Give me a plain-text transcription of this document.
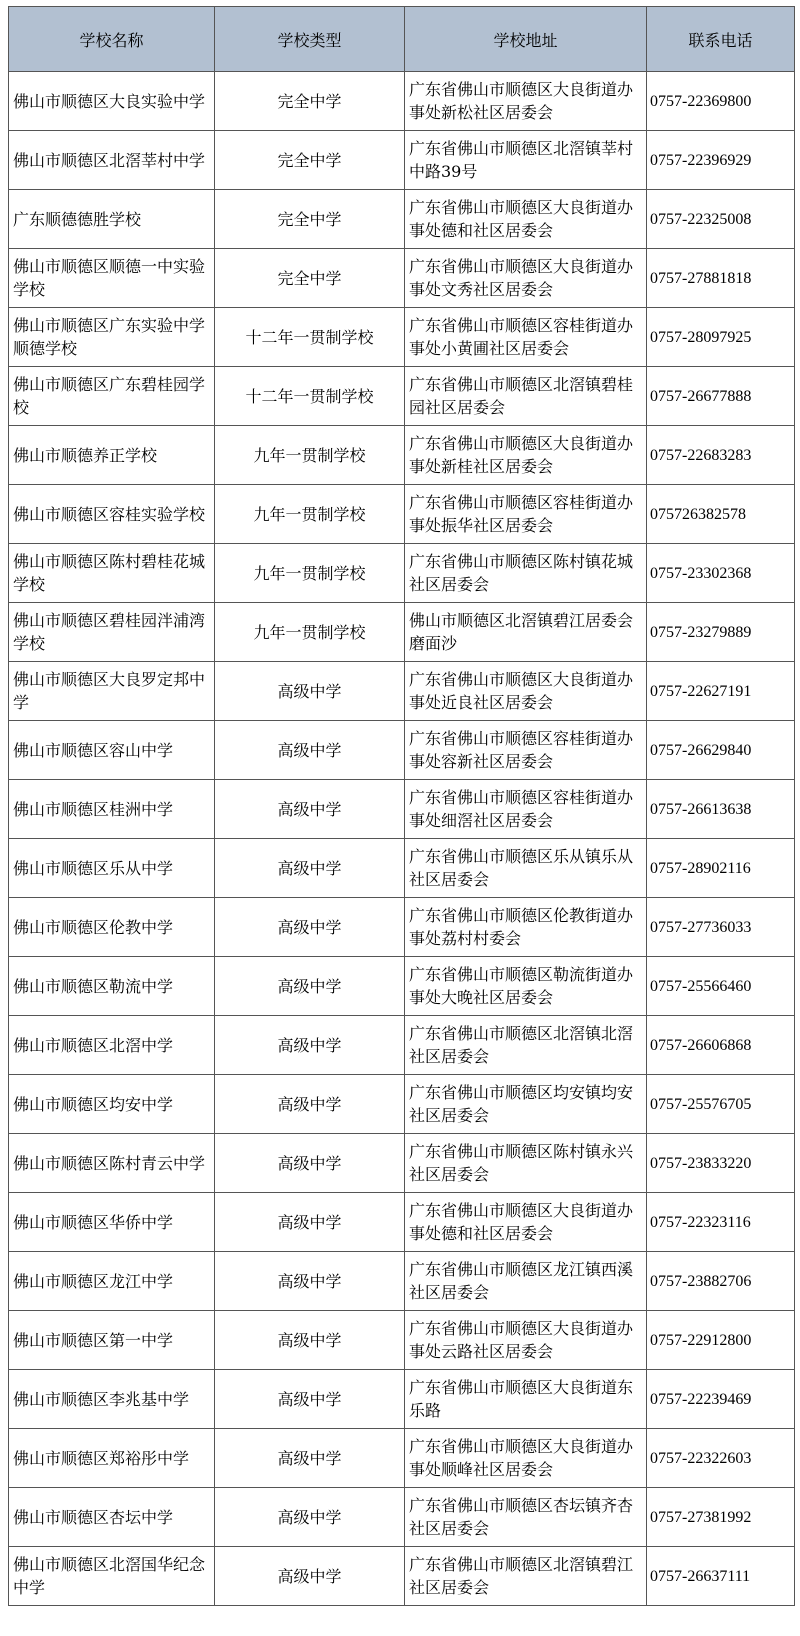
学校名称	学校类型	学校地址	联系电话
佛山市顺德区大良实验中学	完全中学	广东省佛山市顺德区大良街道办事处新松社区居委会	0757-22369800
佛山市顺德区北滘莘村中学	完全中学	广东省佛山市顺德区北滘镇莘村中路39号	0757-22396929
广东顺德德胜学校	完全中学	广东省佛山市顺德区大良街道办事处德和社区居委会	0757-22325008
佛山市顺德区顺德一中实验学校	完全中学	广东省佛山市顺德区大良街道办事处文秀社区居委会	0757-27881818
佛山市顺德区广东实验中学顺德学校	十二年一贯制学校	广东省佛山市顺德区容桂街道办事处小黄圃社区居委会	0757-28097925
佛山市顺德区广东碧桂园学校	十二年一贯制学校	广东省佛山市顺德区北滘镇碧桂园社区居委会	0757-26677888
佛山市顺德养正学校	九年一贯制学校	广东省佛山市顺德区大良街道办事处新桂社区居委会	0757-22683283
佛山市顺德区容桂实验学校	九年一贯制学校	广东省佛山市顺德区容桂街道办事处振华社区居委会	075726382578
佛山市顺德区陈村碧桂花城学校	九年一贯制学校	广东省佛山市顺德区陈村镇花城社区居委会	0757-23302368
佛山市顺德区碧桂园泮浦湾学校	九年一贯制学校	佛山市顺德区北滘镇碧江居委会磨面沙	0757-23279889
佛山市顺德区大良罗定邦中学	高级中学	广东省佛山市顺德区大良街道办事处近良社区居委会	0757-22627191
佛山市顺德区容山中学	高级中学	广东省佛山市顺德区容桂街道办事处容新社区居委会	0757-26629840
佛山市顺德区桂洲中学	高级中学	广东省佛山市顺德区容桂街道办事处细滘社区居委会	0757-26613638
佛山市顺德区乐从中学	高级中学	广东省佛山市顺德区乐从镇乐从社区居委会	0757-28902116
佛山市顺德区伦教中学	高级中学	广东省佛山市顺德区伦教街道办事处荔村村委会	0757-27736033
佛山市顺德区勒流中学	高级中学	广东省佛山市顺德区勒流街道办事处大晚社区居委会	0757-25566460
佛山市顺德区北滘中学	高级中学	广东省佛山市顺德区北滘镇北滘社区居委会	0757-26606868
佛山市顺德区均安中学	高级中学	广东省佛山市顺德区均安镇均安社区居委会	0757-25576705
佛山市顺德区陈村青云中学	高级中学	广东省佛山市顺德区陈村镇永兴社区居委会	0757-23833220
佛山市顺德区华侨中学	高级中学	广东省佛山市顺德区大良街道办事处德和社区居委会	0757-22323116
佛山市顺德区龙江中学	高级中学	广东省佛山市顺德区龙江镇西溪社区居委会	0757-23882706
佛山市顺德区第一中学	高级中学	广东省佛山市顺德区大良街道办事处云路社区居委会	0757-22912800
佛山市顺德区李兆基中学	高级中学	广东省佛山市顺德区大良街道东乐路	0757-22239469
佛山市顺德区郑裕彤中学	高级中学	广东省佛山市顺德区大良街道办事处顺峰社区居委会	0757-22322603
佛山市顺德区杏坛中学	高级中学	广东省佛山市顺德区杏坛镇齐杏社区居委会	0757-27381992
佛山市顺德区北滘国华纪念中学	高级中学	广东省佛山市顺德区北滘镇碧江社区居委会	0757-26637111
